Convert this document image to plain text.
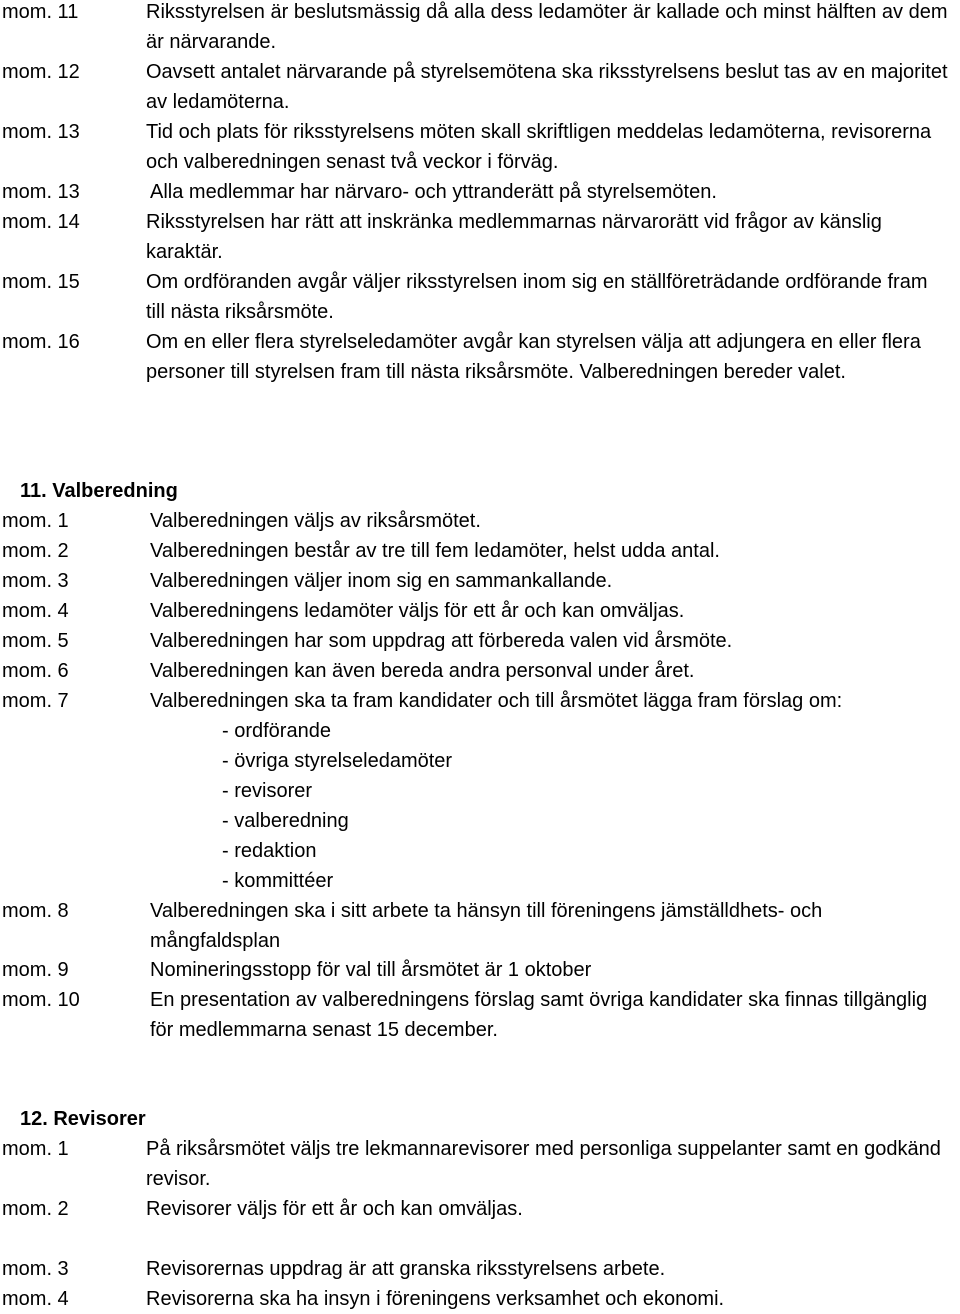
mom. 11	Riksstyrelsen är beslutsmässig då alla dess ledamöter är kallade och minst hälften av dem är närvarande.
mom. 12	Oavsett antalet närvarande på styrelsemötena ska riksstyrelsens beslut tas av en majoritet av ledamöterna.
mom. 13	Tid och plats för riksstyrelsens möten skall skriftligen meddelas ledamöterna, revisorerna och valberedningen senast två veckor i förväg.
mom. 13	Alla medlemmar har närvaro- och yttranderätt på styrelsemöten.
mom. 14	Riksstyrelsen har rätt att inskränka medlemmarnas närvarorätt vid frågor av känslig karaktär.
mom. 15	Om ordföranden avgår väljer riksstyrelsen inom sig en ställföreträdande ordförande fram till nästa riksårsmöte.
mom. 16	Om en eller flera styrelseledamöter avgår kan styrelsen välja att adjungera en eller flera personer till styrelsen fram till nästa riksårsmöte. Valberedningen bereder valet.
11. Valberedning
mom. 1	Valberedningen väljs av riksårsmötet.
mom. 2	Valberedningen består av tre till fem ledamöter, helst udda antal.
mom. 3	Valberedningen väljer inom sig en sammankallande.
mom. 4	Valberedningens ledamöter väljs för ett år och kan omväljas.
mom. 5	Valberedningen har som uppdrag att förbereda valen vid årsmöte.
mom. 6	Valberedningen kan även bereda andra personval under året.
mom. 7	Valberedningen ska ta fram kandidater och till årsmötet lägga fram förslag om:
- ordförande
- övriga styrelseledamöter
- revisorer
- valberedning
- redaktion
- kommittéer
mom. 8	Valberedningen ska i sitt arbete ta hänsyn till föreningens jämställdhets- och mångfaldsplan
mom. 9	Nomineringsstopp för val till årsmötet är 1 oktober
mom. 10	En presentation av valberedningens förslag samt övriga kandidater ska finnas tillgänglig för medlemmarna senast 15 december.
12. Revisorer
mom. 1	På riksårsmötet väljs tre lekmannarevisorer med personliga suppelanter samt en godkänd revisor.
mom. 2	Revisorer väljs för ett år och kan omväljas.
mom. 3	Revisorernas uppdrag är att granska riksstyrelsens arbete.
mom. 4	Revisorerna ska ha insyn i föreningens verksamhet och ekonomi.
